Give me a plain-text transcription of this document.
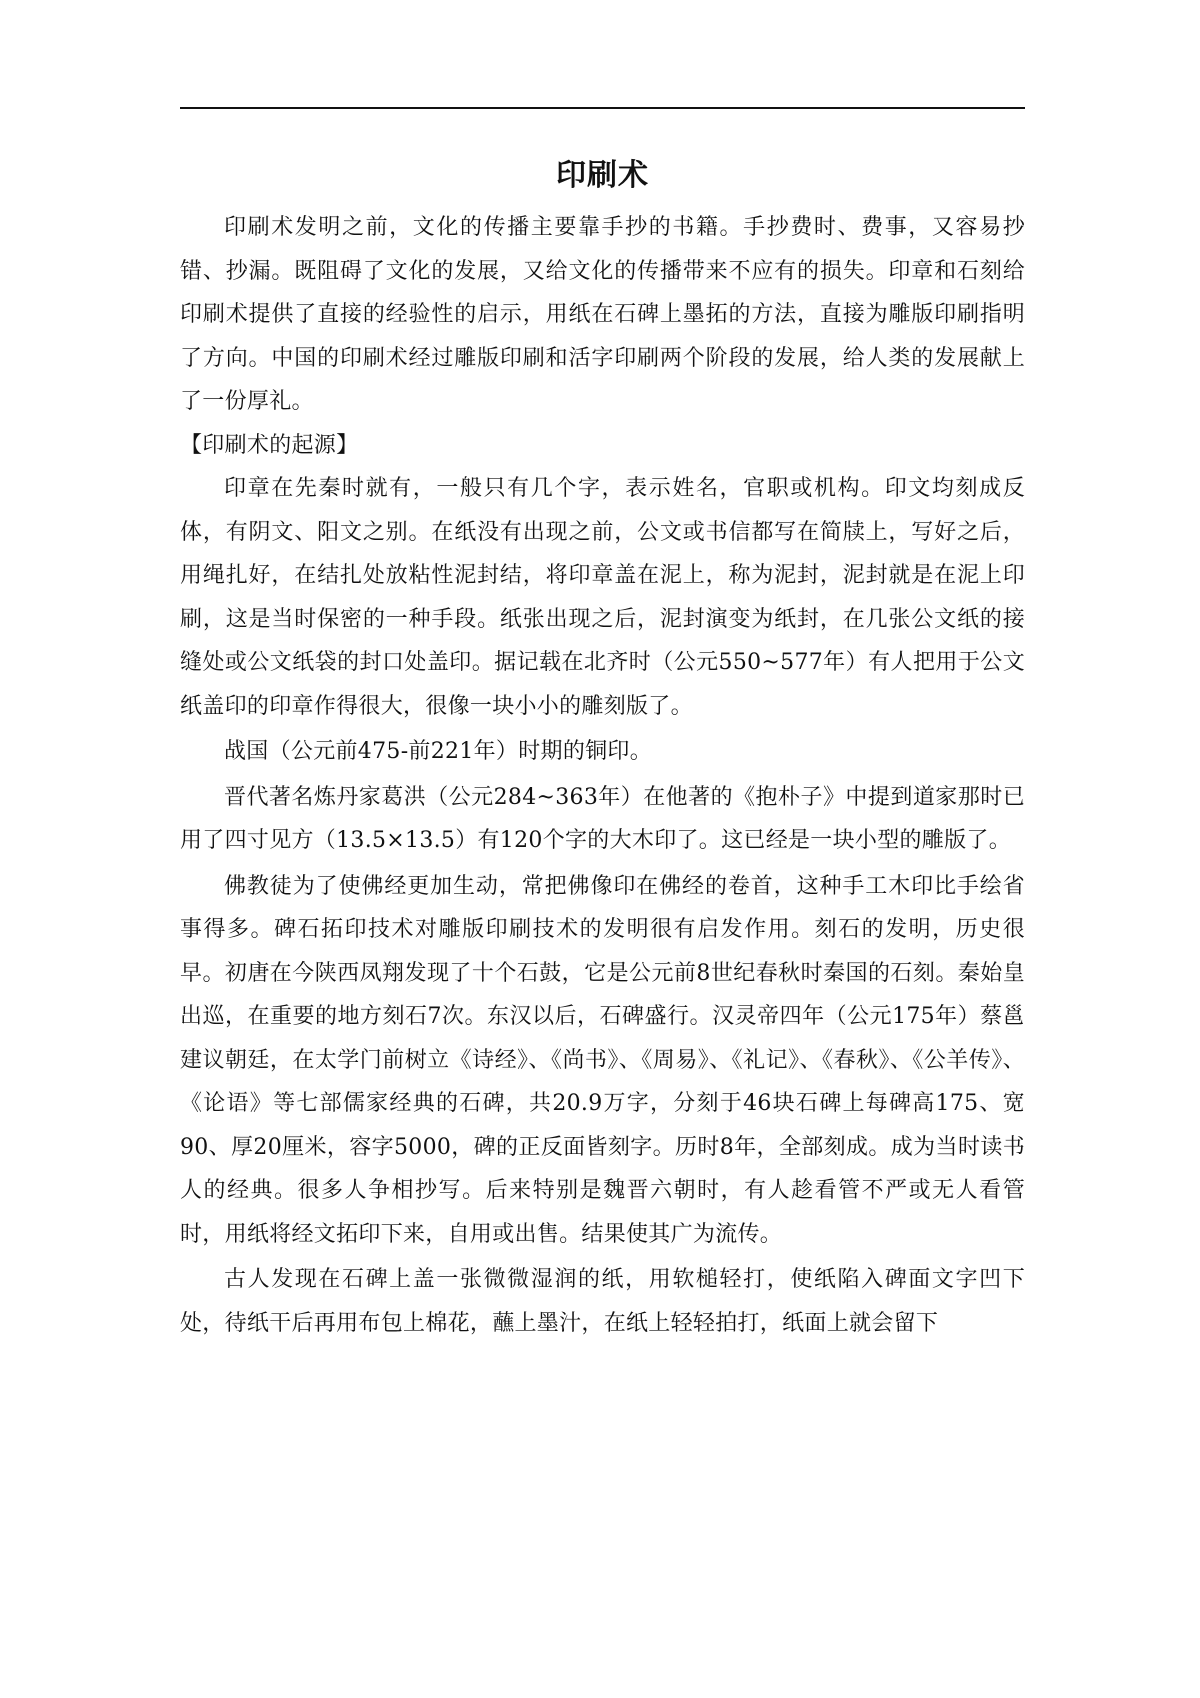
印刷术

印刷术发明之前，文化的传播主要靠手抄的书籍。手抄费时、费事，又容易抄错、抄漏。既阻碍了文化的发展，又给文化的传播带来不应有的损失。印章和石刻给印刷术提供了直接的经验性的启示，用纸在石碑上墨拓的方法，直接为雕版印刷指明了方向。中国的印刷术经过雕版印刷和活字印刷两个阶段的发展，给人类的发展献上了一份厚礼。

【印刷术的起源】

印章在先秦时就有，一般只有几个字，表示姓名，官职或机构。印文均刻成反体，有阴文、阳文之别。在纸没有出现之前，公文或书信都写在简牍上，写好之后，用绳扎好，在结扎处放粘性泥封结，将印章盖在泥上，称为泥封，泥封就是在泥上印刷，这是当时保密的一种手段。纸张出现之后，泥封演变为纸封，在几张公文纸的接缝处或公文纸袋的封口处盖印。据记载在北齐时（公元550~577年）有人把用于公文纸盖印的印章作得很大，很像一块小小的雕刻版了。

战国（公元前475-前221年）时期的铜印。

晋代著名炼丹家葛洪（公元284~363年）在他著的《抱朴子》中提到道家那时已用了四寸见方（13.5×13.5）有120个字的大木印了。这已经是一块小型的雕版了。

佛教徒为了使佛经更加生动，常把佛像印在佛经的卷首，这种手工木印比手绘省事得多。碑石拓印技术对雕版印刷技术的发明很有启发作用。刻石的发明，历史很早。初唐在今陕西凤翔发现了十个石鼓，它是公元前8世纪春秋时秦国的石刻。秦始皇出巡，在重要的地方刻石7次。东汉以后，石碑盛行。汉灵帝四年（公元175年）蔡邕建议朝廷，在太学门前树立《诗经》、《尚书》、《周易》、《礼记》、《春秋》、《公羊传》、《论语》等七部儒家经典的石碑，共20.9万字，分刻于46块石碑上每碑高175、宽90、厚20厘米，容字5000，碑的正反面皆刻字。历时8年，全部刻成。成为当时读书人的经典。很多人争相抄写。后来特别是魏晋六朝时，有人趁看管不严或无人看管时，用纸将经文拓印下来，自用或出售。结果使其广为流传。

古人发现在石碑上盖一张微微湿润的纸，用软槌轻打，使纸陷入碑面文字凹下处，待纸干后再用布包上棉花，蘸上墨汁，在纸上轻轻拍打，纸面上就会留下
